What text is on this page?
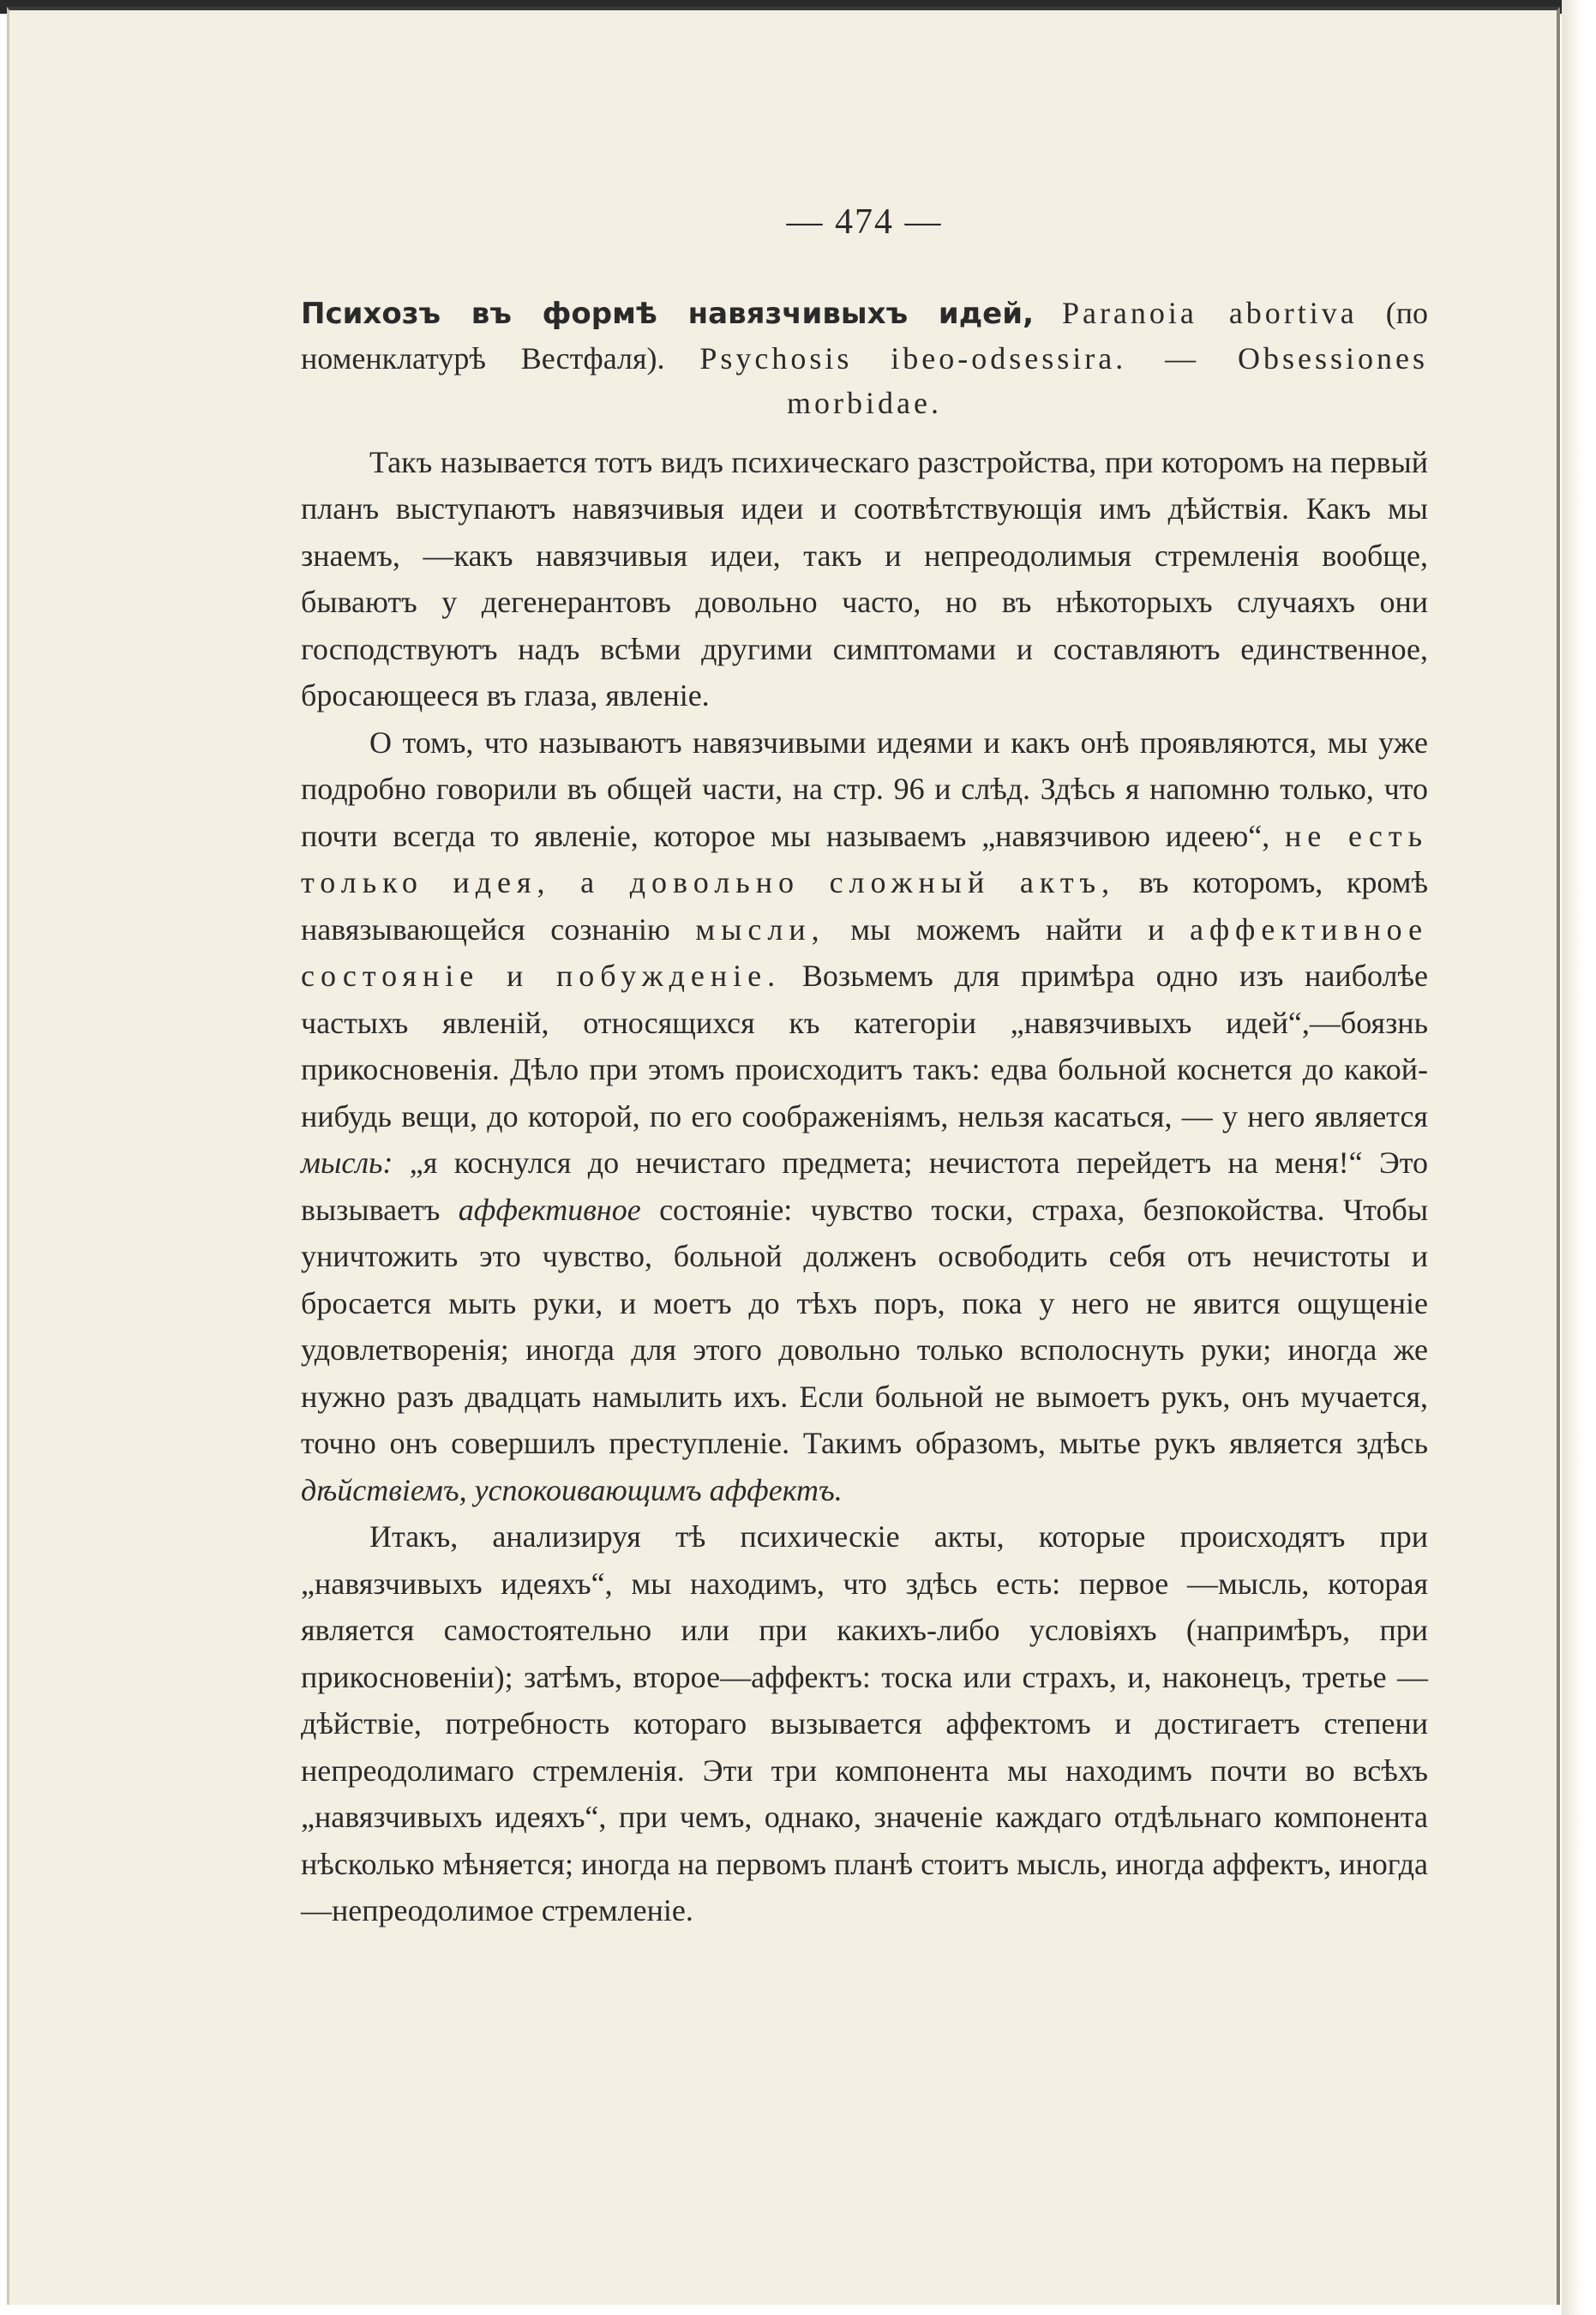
— 474 —
Психозъ въ формѣ навязчивыхъ идей, Paranoia abortiva (по номенклатурѣ Вестфаля). Psychosis ibeo-odsessira. — Obsessiones morbidae.

Такъ называется тотъ видъ психическаго разстройства, при которомъ на первый планъ выступаютъ навязчивыя идеи и соотвѣтствующія имъ дѣйствія. Какъ мы знаемъ, —какъ навязчивыя идеи, такъ и непреодолимыя стремленія вообще, бываютъ у дегенерантовъ довольно часто, но въ нѣкоторыхъ случаяхъ они господствуютъ надъ всѣми другими симптомами и составляютъ единственное, бросающееся въ глаза, явленіе.

О томъ, что называютъ навязчивыми идеями и какъ онѣ проявляются, мы уже подробно говорили въ общей части, на стр. 96 и слѣд. Здѣсь я напомню только, что почти всегда то явленіе, которое мы называемъ „навязчивою идеею“, не есть только идея, а довольно сложный актъ, въ которомъ, кромѣ навязывающейся сознанію мысли, мы можемъ найти и аффективное состояніе и побужденіе. Возьмемъ для примѣра одно изъ наиболѣе частыхъ явленій, относящихся къ категоріи „навязчивыхъ идей“,—боязнь прикосновенія. Дѣло при этомъ происходитъ такъ: едва больной коснется до какой-нибудь вещи, до которой, по его соображеніямъ, нельзя касаться, — у него является мысль: „я коснулся до нечистаго предмета; нечистота перейдетъ на меня!“ Это вызываетъ аффективное состояніе: чувство тоски, страха, безпокойства. Чтобы уничтожить это чувство, больной долженъ освободить себя отъ нечистоты и бросается мыть руки, и моетъ до тѣхъ поръ, пока у него не явится ощущеніе удовлетворенія; иногда для этого довольно только всполоснуть руки; иногда же нужно разъ двадцать намылить ихъ. Если больной не вымоетъ рукъ, онъ мучается, точно онъ совершилъ преступленіе. Такимъ образомъ, мытье рукъ является здѣсь дѣйствіемъ, успокоивающимъ аффектъ.

Итакъ, анализируя тѣ психическіе акты, которые происходятъ при „навязчивыхъ идеяхъ“, мы находимъ, что здѣсь есть: первое —мысль, которая является самостоятельно или при какихъ-либо условіяхъ (напримѣръ, при прикосновеніи); затѣмъ, второе—аффектъ: тоска или страхъ, и, наконецъ, третье —дѣйствіе, потребность котораго вызывается аффектомъ и достигаетъ степени непреодолимаго стремленія. Эти три компонента мы находимъ почти во всѣхъ „навязчивыхъ идеяхъ“, при чемъ, однако, значеніе каждаго отдѣльнаго компонента нѣсколько мѣняется; иногда на первомъ планѣ стоитъ мысль, иногда аффектъ, иногда—непреодолимое стремленіе.
